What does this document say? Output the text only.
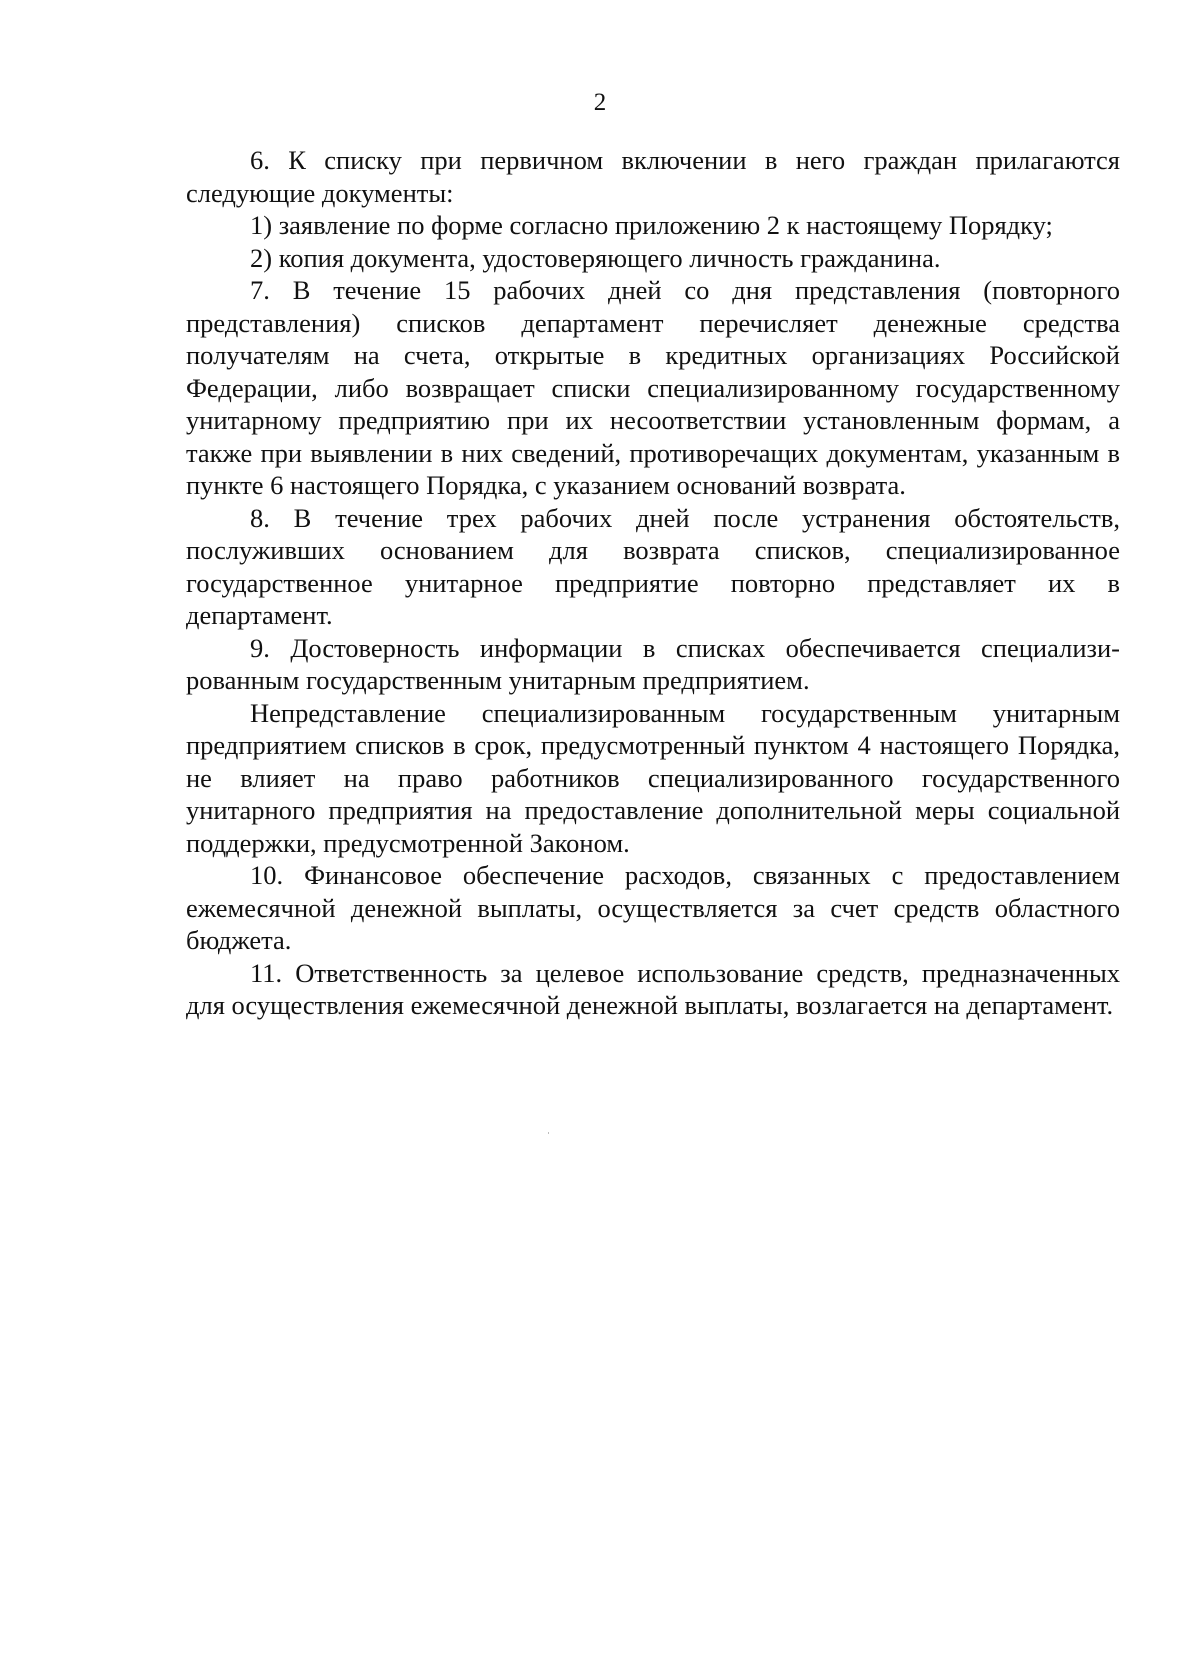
2

6. К списку при первичном включении в него граждан прилагаются следующие документы:

1) заявление по форме согласно приложению 2 к настоящему Порядку;

2) копия документа, удостоверяющего личность гражданина.

7. В течение 15 рабочих дней со дня представления (повторного представления) списков департамент перечисляет денежные средства получателям на счета, открытые в кредитных организациях Российской Федерации, либо возвращает списки специализированному государственному унитарному предприятию при их несоответствии установленным формам, а также при выявлении в них сведений, противоречащих документам, указанным в пункте 6 настоящего Порядка, с указанием оснований возврата.

8. В течение трех рабочих дней после устранения обстоятельств, послуживших основанием для возврата списков, специализированное государственное унитарное предприятие повторно представляет их в департамент.

9. Достоверность информации в списках обеспечивается специализированным государственным унитарным предприятием.

Непредставление специализированным государственным унитарным предприятием списков в срок, предусмотренный пунктом 4 настоящего Порядка, не влияет на право работников специализированного государственного унитарного предприятия на предоставление дополнительной меры социальной поддержки, предусмотренной Законом.

10. Финансовое обеспечение расходов, связанных с предоставлением ежемесячной денежной выплаты, осуществляется за счет средств областного бюджета.

11. Ответственность за целевое использование средств, предназначенных для осуществления ежемесячной денежной выплаты, возлагается на департамент.
